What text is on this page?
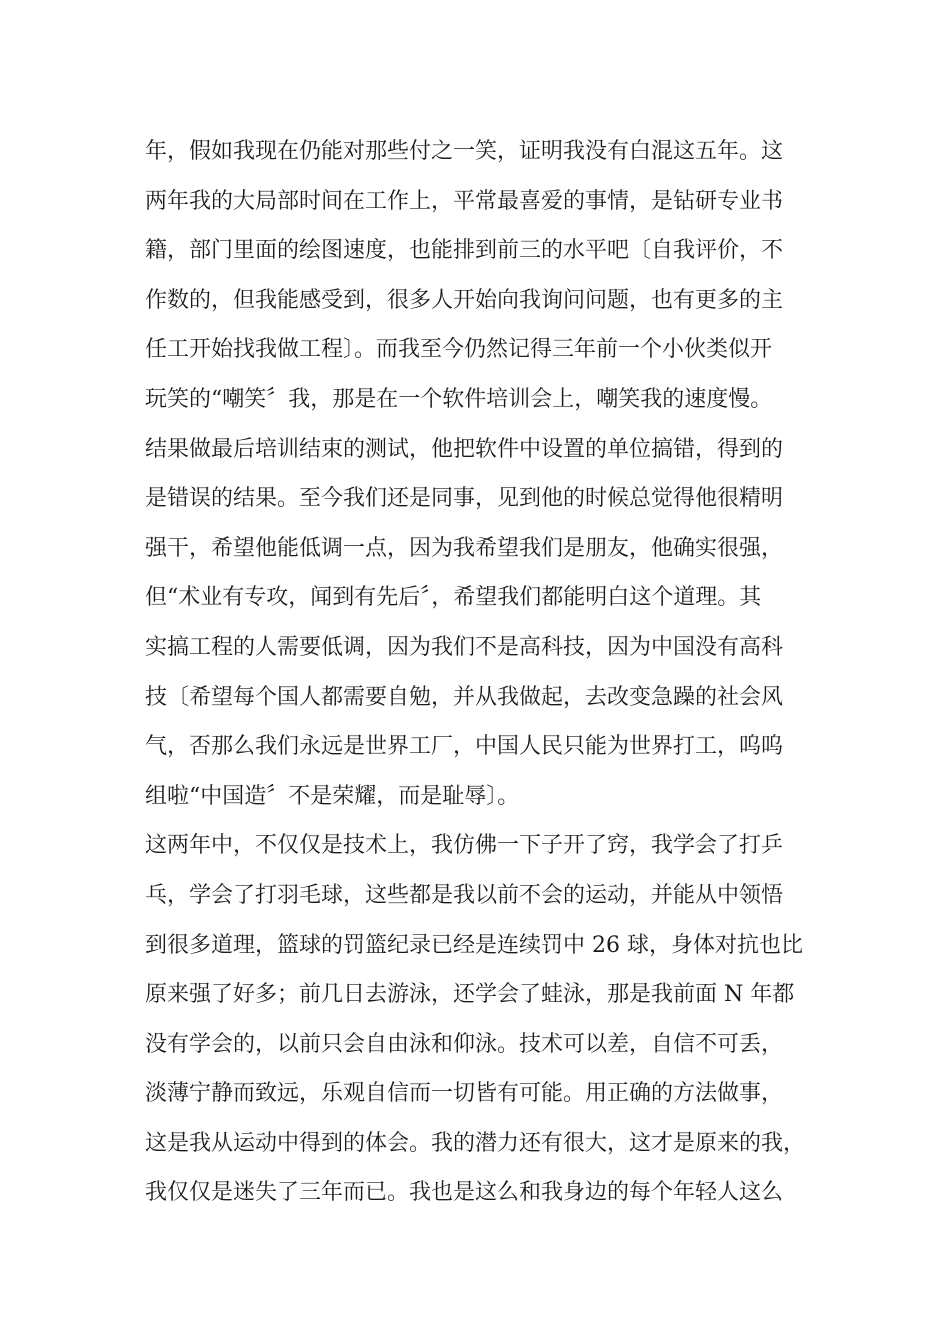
年，假如我现在仍能对那些付之一笑，证明我没有白混这五年。这
两年我的大局部时间在工作上，平常最喜爱的事情，是钻研专业书
籍，部门里面的绘图速度，也能排到前三的水平吧〔自我评价，不
作数的，但我能感受到，很多人开始向我询问问题，也有更多的主
任工开始找我做工程〕。而我至今仍然记得三年前一个小伙类似开
玩笑的“嘲笑〞我，那是在一个软件培训会上，嘲笑我的速度慢。
结果做最后培训结束的测试，他把软件中设置的单位搞错，得到的
是错误的结果。至今我们还是同事，见到他的时候总觉得他很精明
强干，希望他能低调一点，因为我希望我们是朋友，他确实很强，
但“术业有专攻，闻到有先后〞，希望我们都能明白这个道理。其
实搞工程的人需要低调，因为我们不是高科技，因为中国没有高科
技〔希望每个国人都需要自勉，并从我做起，去改变急躁的社会风
气，否那么我们永远是世界工厂，中国人民只能为世界打工，呜呜
组啦“中国造〞不是荣耀，而是耻辱〕。
这两年中，不仅仅是技术上，我仿佛一下子开了窍，我学会了打乒
乓，学会了打羽毛球，这些都是我以前不会的运动，并能从中领悟
到很多道理，篮球的罚篮纪录已经是连续罚中 26 球，身体对抗也比
原来强了好多；前几日去游泳，还学会了蛙泳，那是我前面 N 年都
没有学会的，以前只会自由泳和仰泳。技术可以差，自信不可丢，
淡薄宁静而致远，乐观自信而一切皆有可能。用正确的方法做事，
这是我从运动中得到的体会。我的潜力还有很大，这才是原来的我，
我仅仅是迷失了三年而已。我也是这么和我身边的每个年轻人这么
